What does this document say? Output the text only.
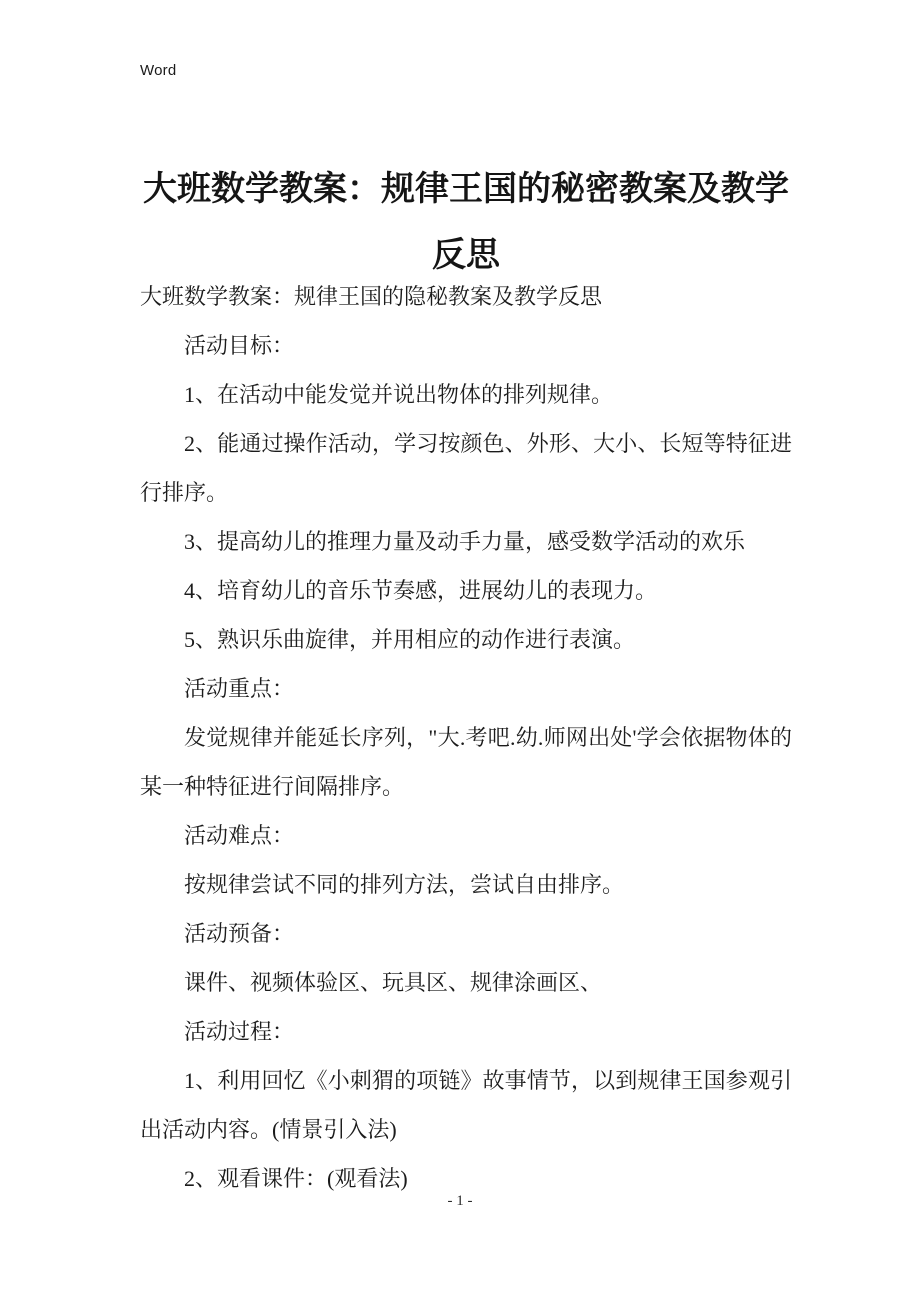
Word
大班数学教案：规律王国的秘密教案及教学反思

大班数学教案：规律王国的隐秘教案及教学反思

活动目标：

1、在活动中能发觉并说出物体的排列规律。

2、能通过操作活动，学习按颜色、外形、大小、长短等特征进行排序。

3、提高幼儿的推理力量及动手力量，感受数学活动的欢乐

4、培育幼儿的音乐节奏感，进展幼儿的表现力。

5、熟识乐曲旋律，并用相应的动作进行表演。

活动重点：

发觉规律并能延长序列，"大.考吧.幼.师网出处'学会依据物体的某一种特征进行间隔排序。

活动难点：

按规律尝试不同的排列方法，尝试自由排序。

活动预备：

课件、视频体验区、玩具区、规律涂画区、

活动过程：

1、利用回忆《小刺猬的项链》故事情节，以到规律王国参观引出活动内容。(情景引入法)

2、观看课件：(观看法)

- 1 -
